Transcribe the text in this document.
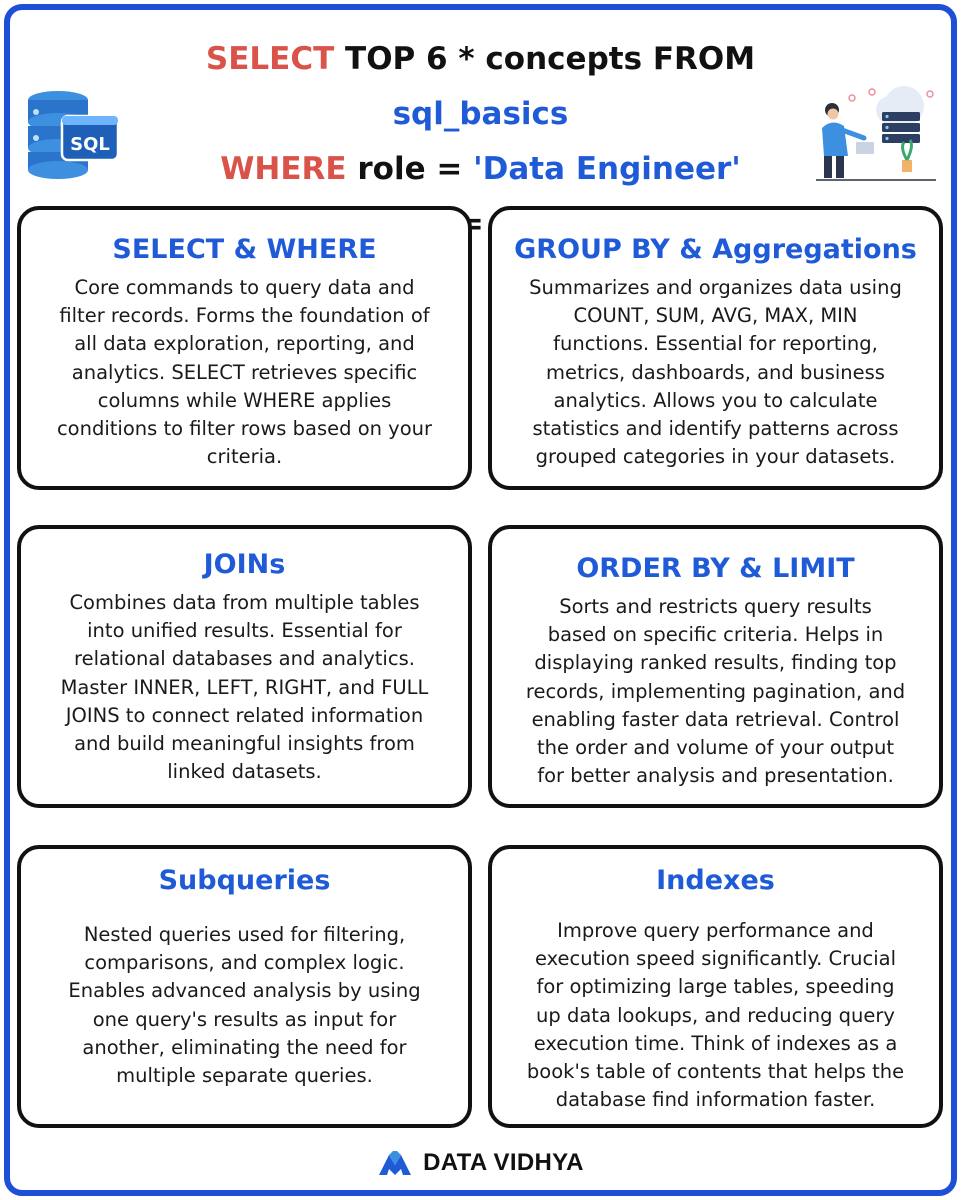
SELECT TOP 6 * concepts FROM sql_basics
WHERE role = 'Data Engineer'
SQL
SELECT & WHERE

Core commands to query data and
filter records. Forms the foundation of
all data exploration, reporting, and
analytics. SELECT retrieves specific
columns while WHERE applies
conditions to filter rows based on your
criteria.

GROUP BY & Aggregations

Summarizes and organizes data using
COUNT, SUM, AVG, MAX, MIN
functions. Essential for reporting,
metrics, dashboards, and business
analytics. Allows you to calculate
statistics and identify patterns across
grouped categories in your datasets.

JOINs

Combines data from multiple tables
into unified results. Essential for
relational databases and analytics.
Master INNER, LEFT, RIGHT, and FULL
JOINS to connect related information
and build meaningful insights from
linked datasets.

ORDER BY & LIMIT

Sorts and restricts query results
based on specific criteria. Helps in
displaying ranked results, finding top
records, implementing pagination, and
enabling faster data retrieval. Control
the order and volume of your output
for better analysis and presentation.

Subqueries

Nested queries used for filtering,
comparisons, and complex logic.
Enables advanced analysis by using
one query's results as input for
another, eliminating the need for
multiple separate queries.

Indexes

Improve query performance and
execution speed significantly. Crucial
for optimizing large tables, speeding
up data lookups, and reducing query
execution time. Think of indexes as a
book's table of contents that helps the
database find information faster.

DATA VIDHYA
